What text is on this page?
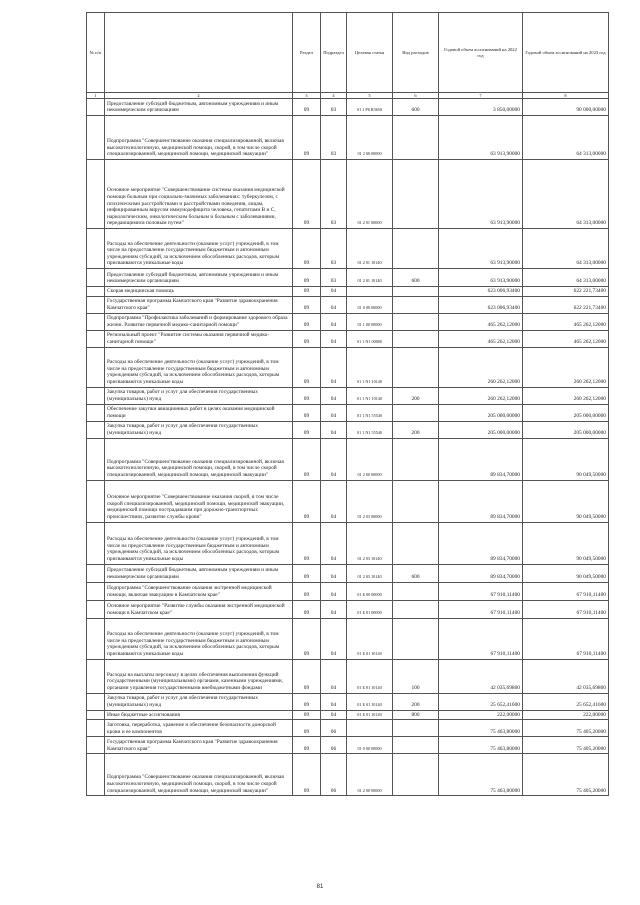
№ п/п		Раздел	Подраздел	Целевая статья	Вид расходов	Годовой объем ассигнований на 2022 год	Годовой объем ассигнований на 2023 год
1	2	3	4	5	6	7	8
	Предоставление субсидий бюджетным, автономным учреждениям и иным некоммерческим организациям	09	03	01 1 Р6 R3650	600	3 850,00000	90 000,00000
	Подпрограмма "Совершенствование оказания специализированной, включая высокотехнологичную, медицинской помощи, скорой, в том числе скорой специализированной, медицинской помощи, медицинской эвакуации"	09	03	01 2 00 00000		63 913,90000	64 313,00000
	Основное мероприятие "Совершенствование системы оказания медицинской помощи больным при социально-значимых заболеваниях: туберкулезом, с психическими расстройствами и расстройствами поведения, лицам, инфицированным вирусом иммунодефицита человека, гепатитами В и С, наркологическим, онкологическим больным и больным с заболеваниями, передающимися половым путем"	09	03	01 2 01 00000		63 913,90000	64 313,00000
	Расходы на обеспечение деятельности (оказание услуг) учреждений, в том числе на предоставление государственным бюджетным и автономным учреждениям субсидий, за исключением обособленных расходов, которым присваиваются уникальные коды	09	03	01 2 01 10140		63 913,90000	64 313,00000
	Предоставление субсидий бюджетным, автономным учреждениям и иным некоммерческим организациям	09	03	01 2 01 10140	600	63 913,90000	64 313,00000
	Скорая медицинская помощь	09	04			623 006,93400	622 221,73400
	Государственная программа Камчатского края "Развитие здравоохранения Камчатского края"	09	04	01 0 00 00000		623 006,93400	622 221,73400
	Подпрограмма "Профилактика заболеваний и формирование здорового образа жизни. Развитие первичной медико-санитарной помощи"	09	04	01 1 00 00000		465 262,12000	465 262,12000
	Региональный проект "Развитие системы оказания первичной медико-санитарной помощи"	09	04	01 1 N1 00000		465 262,12000	465 262,12000
	Расходы на обеспечение деятельности (оказание услуг) учреждений, в том числе на предоставление государственным бюджетным и автономным учреждениям субсидий, за исключением обособленных расходов, которым присваиваются уникальные коды	09	04	01 1 N1 10140		260 262,12000	260 262,12000
	Закупка товаров, работ и услуг для обеспечения государственных (муниципальных) нужд	09	04	01 1 N1 10140	200	260 262,12000	260 262,12000
	Обеспечение закупки авиационных работ в целях оказания медицинской помощи	09	04	01 1 N1 55540		205 000,00000	205 000,00000
	Закупка товаров, работ и услуг для обеспечения государственных (муниципальных) нужд	09	04	01 1 N1 55540	200	205 000,00000	205 000,00000
	Подпрограмма "Совершенствование оказания специализированной, включая высокотехнологичную, медицинской помощи, скорой, в том числе скорой специализированной, медицинской помощи, медицинской эвакуации"	09	04	01 2 00 00000		89 834,70000	90 049,50000
	Основное мероприятие "Совершенствование оказания скорой, в том числе скорой специализированной, медицинской помощи, медицинской эвакуации, медицинской помощи пострадавшим при дорожно-транспортных происшествиях, развитие службы крови"	09	04	01 2 03 00000		89 834,70000	90 049,50000
	Расходы на обеспечение деятельности (оказание услуг) учреждений, в том числе на предоставление государственным бюджетным и автономным учреждениям субсидий, за исключением обособленных расходов, которым присваиваются уникальные коды	09	04	01 2 03 10140		89 834,70000	90 049,50000
	Предоставление субсидий бюджетным, автономным учреждениям и иным некоммерческим организациям	09	04	01 2 03 10140	600	89 834,70000	90 049,50000
	Подпрограмма "Совершенствование оказания экстренной медицинской помощи, включая эвакуацию в Камчатском крае"	09	04	01 Б 00 00000		67 910,11400	67 910,11400
	Основное мероприятие "Развитие службы оказания экстренной медицинской помощи в Камчатском крае"	09	04	01 Б 01 00000		67 910,11400	67 910,11400
	Расходы на обеспечение деятельности (оказание услуг) учреждений, в том числе на предоставление государственным бюджетным и автономным учреждениям субсидий, за исключением обособленных расходов, которым присваиваются уникальные коды	09	04	01 Б 01 10140		67 910,11400	67 910,11400
	Расходы на выплаты персоналу в целях обеспечения выполнения функций государственными (муниципальными) органами, казенными учреждениями, органами управления государственными внебюджетными фондами	09	04	01 Б 01 10140	100	42 035,69800	42 035,69800
	Закупка товаров, работ и услуг для обеспечения государственных (муниципальных) нужд	09	04	01 Б 01 10140	200	25 652,41600	25 652,41600
	Иные бюджетные ассигнования	09	04	01 Б 01 10140	800	222,00000	222,00000
	Заготовка, переработка, хранение и обеспечение безопасности донорской крови и ее компонентов	09	06			75 463,80000	75 405,20000
	Государственная программа Камчатского края "Развитие здравоохранения Камчатского края"	09	06	01 0 00 00000		75 463,80000	75 405,20000
	Подпрограмма "Совершенствование оказания специализированной, включая высокотехнологичную, медицинской помощи, скорой, в том числе скорой специализированной, медицинской помощи, медицинской эвакуации"	09	06	01 2 00 00000		75 463,80000	75 405,20000
81
